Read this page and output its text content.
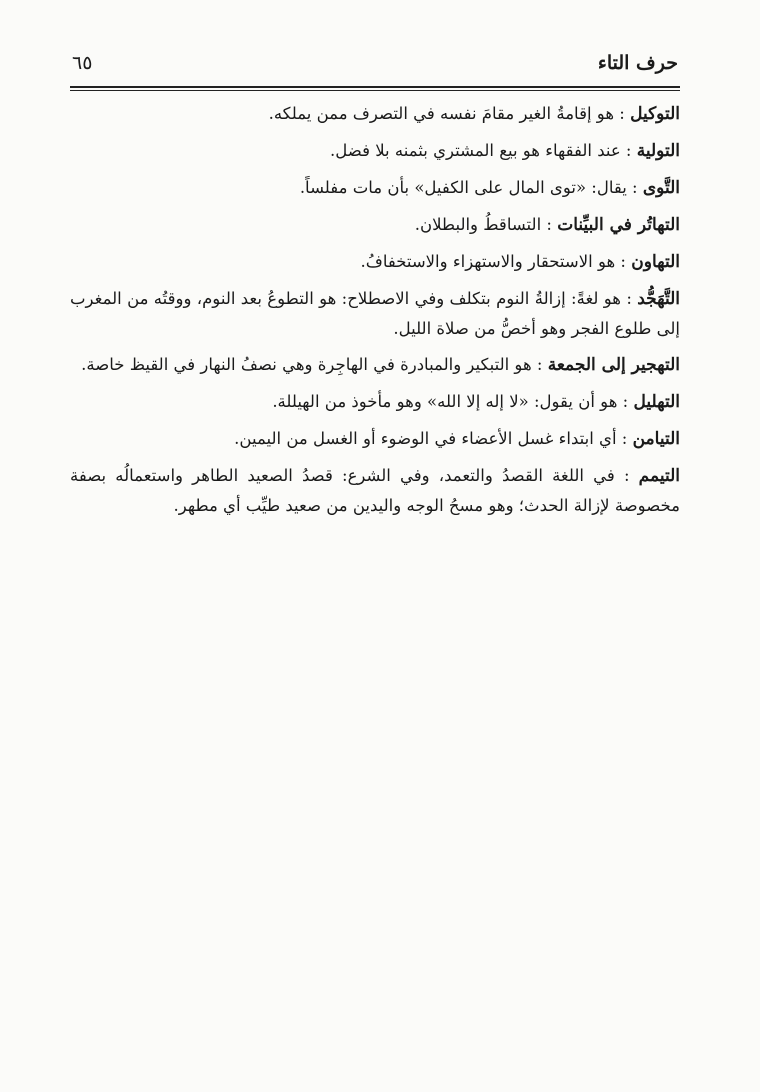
حرف التاء
٦٥

التوكيل : هو إقامةُ الغير مقامَ نفسه في التصرف ممن يملكه.

التولية : عند الفقهاء هو بيع المشتري بثمنه بلا فضل.

التَّوى : يقال: «توى المال على الكفيل» بأن مات مفلساً.

التهاتُر في البيِّنات : التساقطُ والبطلان.

التهاون : هو الاستحقار والاستهزاء والاستخفافُ.

التَّهَجُّد : هو لغةً: إزالةُ النوم بتكلف وفي الاصطلاح: هو التطوعُ بعد النوم، ووقتُه من المغرب إلى طلوع الفجر وهو أخصُّ من صلاة الليل.

التهجير إلى الجمعة : هو التبكير والمبادرة في الهاجِرة وهي نصفُ النهار في القيظ خاصة.

التهليل : هو أن يقول: «لا إله إلا الله» وهو مأخوذ من الهيللة.

التيامن : أي ابتداء غسل الأعضاء في الوضوء أو الغسل من اليمين.

التيمم : في اللغة القصدُ والتعمد، وفي الشرع: قصدُ الصعيد الطاهر واستعمالُه بصفة مخصوصة لإزالة الحدث؛ وهو مسحُ الوجه واليدين من صعيد طيِّب أي مطهر.
